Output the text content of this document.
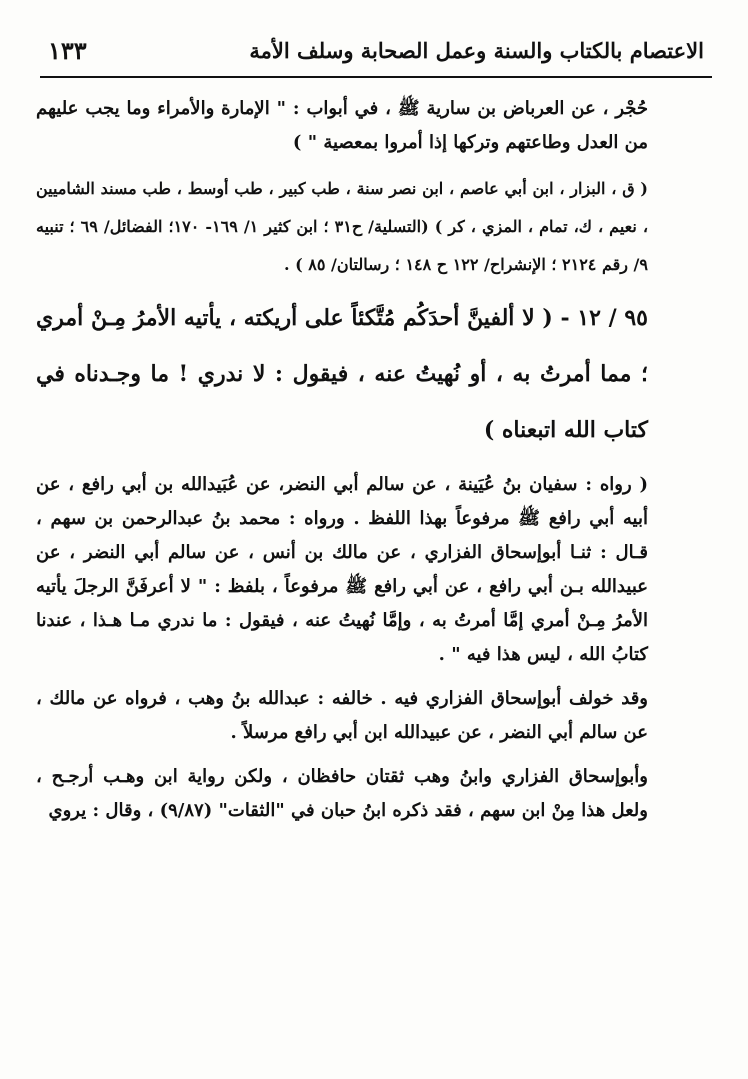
الاعتصام بالكتاب والسنة وعمل الصحابة وسلف الأمة
١٣٣

حُجْر ، عن العرباض بن سارية ﷺ ، في أبواب : " الإمارة والأمراء وما يجب عليهم من العدل وطاعتهم وتركها إذا أمروا بمعصية " )

( ق ، البزار ، ابن أبي عاصم ، ابن نصر سنة ، طب كبير ، طب أوسط ، طب مسند الشاميين ، نعيم ، ك، تمام ، المزي ، كر ) (التسلية/ ح٣١ ؛ ابن كثير ١/ ١٦٩- ١٧٠؛ الفضائل/ ٦٩ ؛ تنبيه ٩/ رقم ٢١٢٤ ؛ الإنشراح/ ١٢٢ ح ١٤٨ ؛ رسالتان/ ٨٥ ) .

٩٥ / ١٢ - ( لا ألفينَّ أحدَكُم مُتَّكئاً على أريكته ، يأتيه الأمرُ مِـنْ أمري ؛ مما أمرتُ به ، أو نُهيتُ عنه ، فيقول : لا ندري ! ما وجـدناه في كتاب الله اتبعناه )

( رواه : سفيان بنُ عُيَينة ، عن سالم أبي النضر، عن عُبَيدالله بن أبي رافع ، عن أبيه أبي رافع ﷺ مرفوعاً بهذا اللفظ . ورواه : محمد بنُ عبدالرحمن بن سهم ، قـال : ثنـا أبوإسحاق الفزاري ، عن مالك بن أنس ، عن سالم أبي النضر ، عن عبيدالله بـن أبي رافع ، عن أبي رافع ﷺ مرفوعاً ، بلفظ : " لا أعرفَنَّ الرجلَ يأتيه الأمرُ مِـنْ أمري إمَّا أمرتُ به ، وإمَّا نُهيتُ عنه ، فيقول : ما ندري مـا هـذا ، عندنا كتابُ الله ، ليس هذا فيه " .

وقد خولف أبوإسحاق الفزاري فيه . خالفه : عبدالله بنُ وهب ، فرواه عن مالك ، عن سالم أبي النضر ، عن عبيدالله ابن أبي رافع مرسلاً .

وأبوإسحاق الفزاري وابنُ وهب ثقتان حافظان ، ولكن رواية ابن وهـب أرجـح ، ولعل هذا مِنْ ابن سهم ، فقد ذكره ابنُ حبان في "الثقات" (٩/٨٧) ، وقال : يروي
